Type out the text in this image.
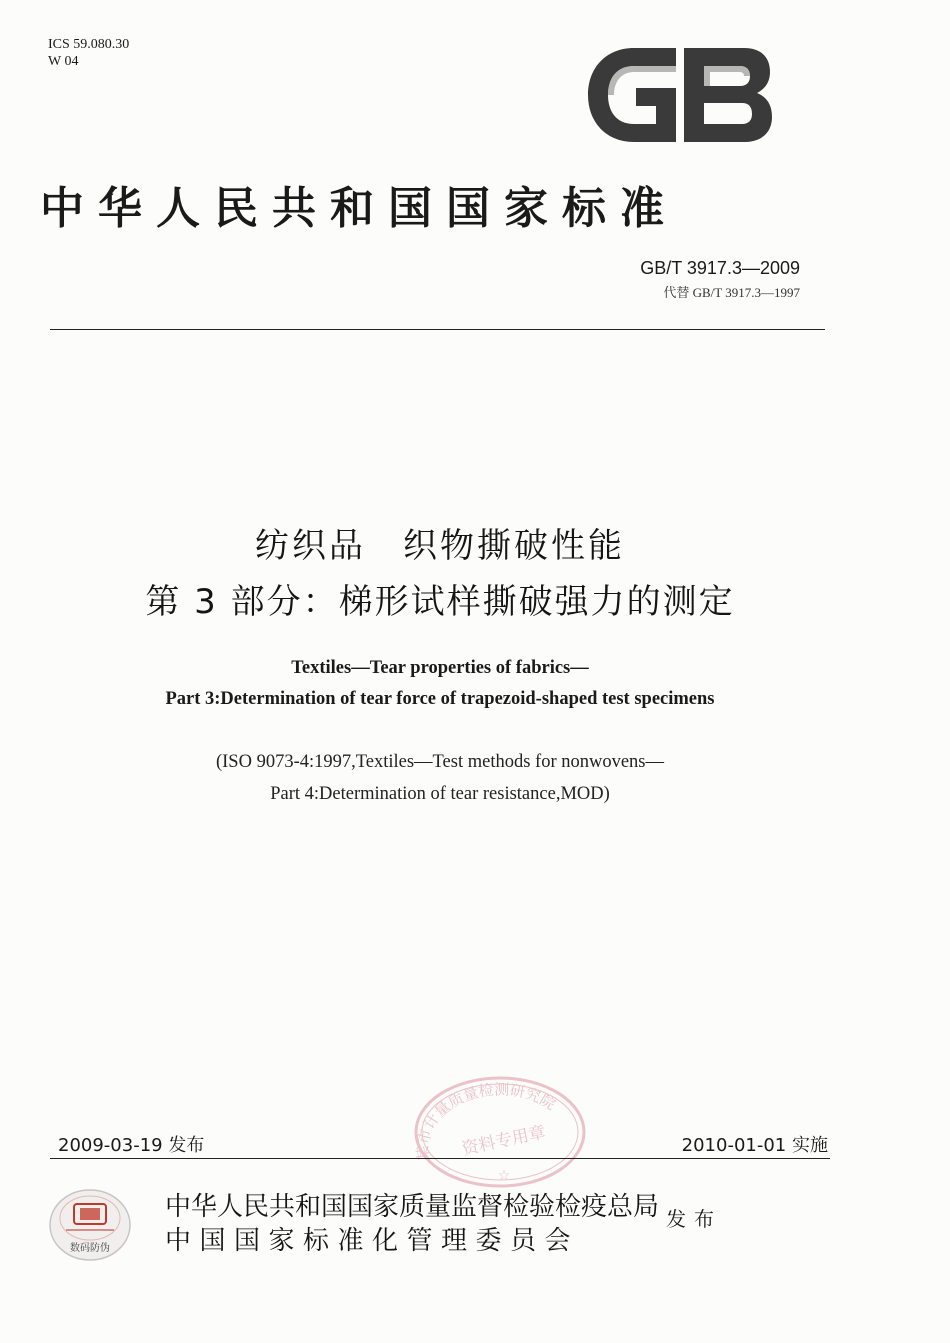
ICS 59.080.30
W 04
中华人民共和国国家标准
GB/T 3917.3—2009
代替 GB/T 3917.3—1997
纺织品　织物撕破性能
第 3 部分：梯形试样撕破强力的测定
Textiles—Tear properties of fabrics—
Part 3:Determination of tear force of trapezoid-shaped test specimens
(ISO 9073-4:1997,Textiles—Test methods for nonwovens—
Part 4:Determination of tear resistance,MOD)
某市计量质量检测研究院
资料专用章
☆
2009-03-19 发布	2010-01-01 实施
数码防伪
中华人民共和国国家质量监督检验检疫总局
中国国家标准化管理委员会
发布
